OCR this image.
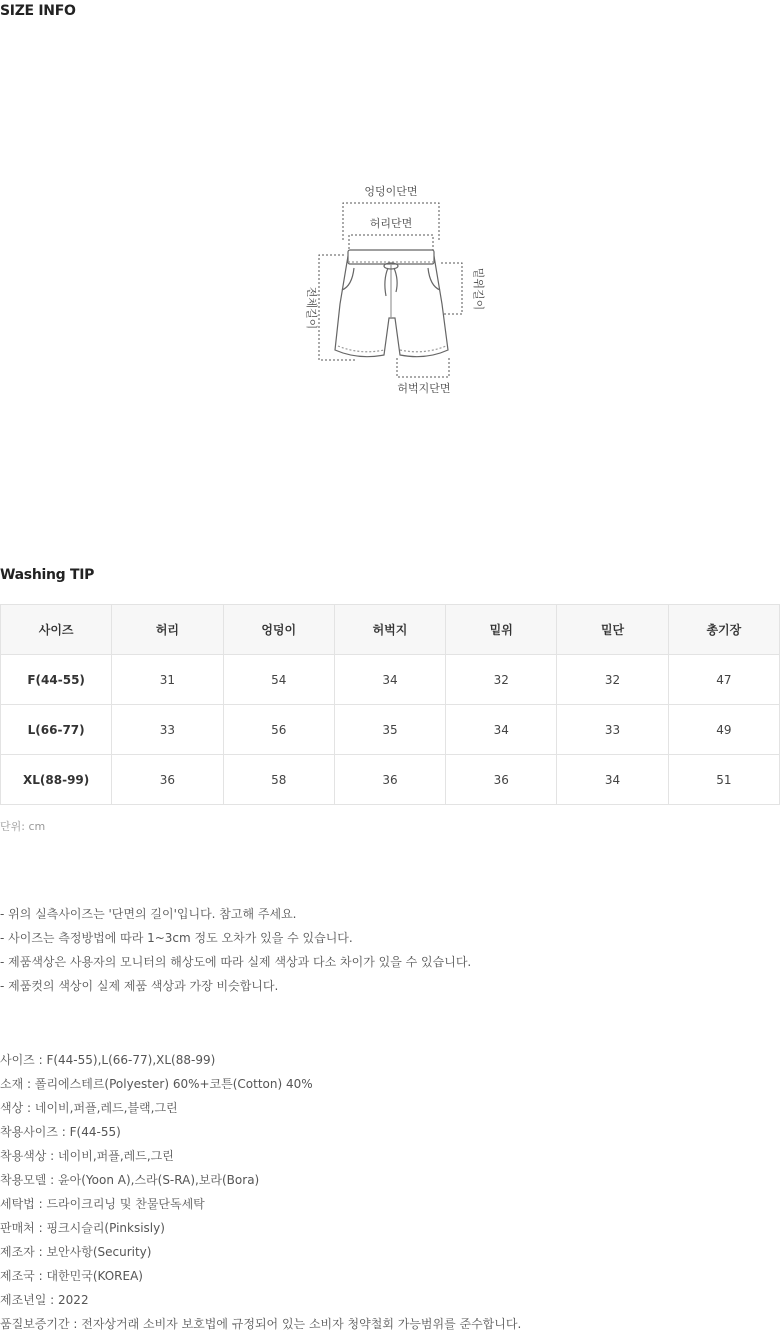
SIZE INFO
엉덩이단면
허리단면
전체길이	밑위길이
허벅지단면
Washing TIP
사이즈	허리	엉덩이	허벅지	밑위	밑단	총기장
F(44-55)	31	54	34	32	32	47
L(66-77)	33	56	35	34	33	49
XL(88-99)	36	58	36	36	34	51
단위: cm
- 위의 실측사이즈는 '단면의 길이'입니다. 참고해 주세요.
- 사이즈는 측정방법에 따라 1~3cm 정도 오차가 있을 수 있습니다.
- 제품색상은 사용자의 모니터의 해상도에 따라 실제 색상과 다소 차이가 있을 수 있습니다.
- 제품컷의 색상이 실제 제품 색상과 가장 비슷합니다.
사이즈 : F(44-55),L(66-77),XL(88-99)
소재 : 폴리에스테르(Polyester) 60%+코튼(Cotton) 40%
색상 : 네이비,퍼플,레드,블랙,그린
착용사이즈 : F(44-55)
착용색상 : 네이비,퍼플,레드,그린
착용모델 : 윤아(Yoon A),스라(S-RA),보라(Bora)
세탁법 : 드라이크리닝 및 찬물단독세탁
판매처 : 핑크시슬리(Pinksisly)
제조자 : 보안사항(Security)
제조국 : 대한민국(KOREA)
제조년일 : 2022
품질보증기간 : 전자상거래 소비자 보호법에 규정되어 있는 소비자 청약철회 가능범위를 준수합니다.
